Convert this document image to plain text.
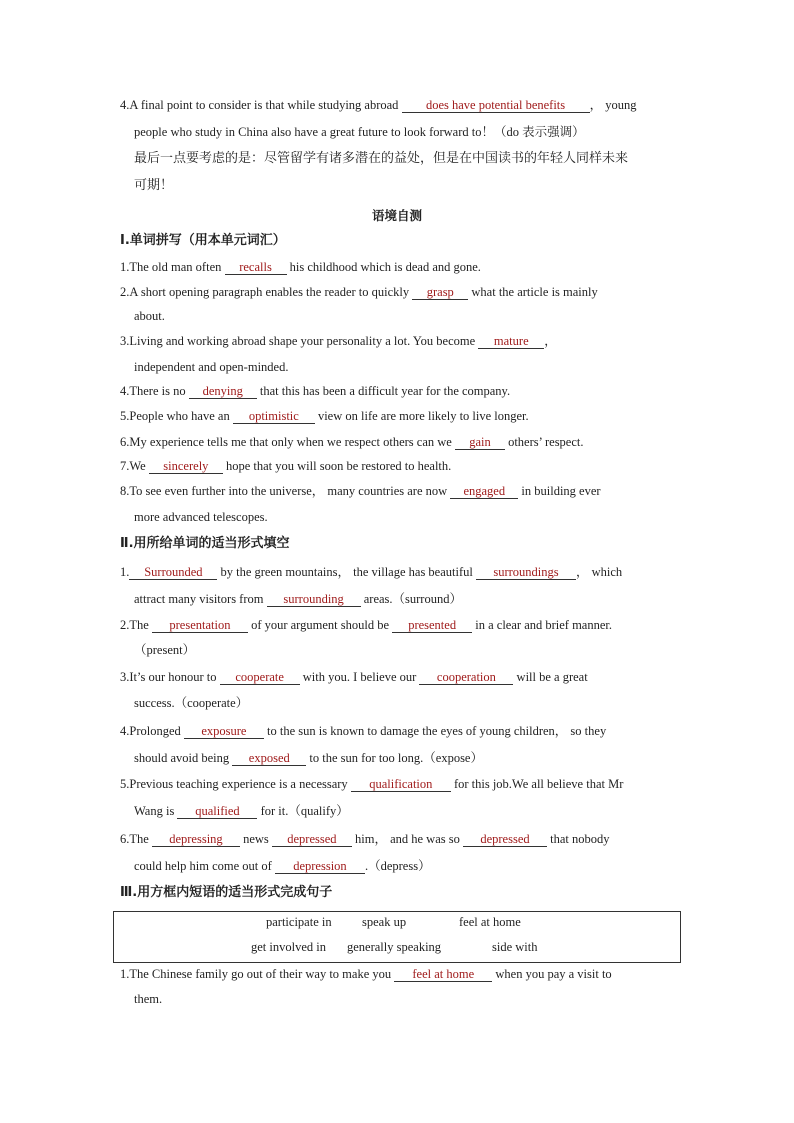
4.A final point to consider is that while studying abroad does have potential benefits ， young
people who study in China also have a great future to look forward to！（do 表示强调）
最后一点要考虑的是：尽管留学有诸多潜在的益处，但是在中国读书的年轻人同样未来
可期！
语境自测
Ⅰ.单词拼写（用本单元词汇）
1.The old man often recalls his childhood which is dead and gone.
2.A short opening paragraph enables the reader to quickly grasp what the article is mainly
about.
3.Living and working abroad shape your personality a lot. You become mature ，
independent and open-minded.
4.There is no denying that this has been a difficult year for the company.
5.People who have an optimistic view on life are more likely to live longer.
6.My experience tells me that only when we respect others can we gain others’ respect.
7.We sincerely hope that you will soon be restored to health.
8.To see even further into the universe， many countries are now engaged in building ever
more advanced telescopes.
Ⅱ.用所给单词的适当形式填空
1. Surrounded by the green mountains， the village has beautiful surroundings ， which
attract many visitors from surrounding areas.（surround）
2.The presentation of your argument should be presented in a clear and brief manner.
（present）
3.It’s our honour to cooperate with you. I believe our cooperation will be a great
success.（cooperate）
4.Prolonged exposure to the sun is known to damage the eyes of young children， so they
should avoid being exposed to the sun for too long.（expose）
5.Previous teaching experience is a necessary qualification for this job.We all believe that Mr
Wang is qualified for it.（qualify）
6.The depressing news depressed him， and he was so depressed that nobody
could help him come out of depression .（depress）
Ⅲ.用方框内短语的适当形式完成句子
participate in speak up	feel at home
get involved in generally speaking	side with
1.The Chinese family go out of their way to make you feel at home when you pay a visit to
them.
